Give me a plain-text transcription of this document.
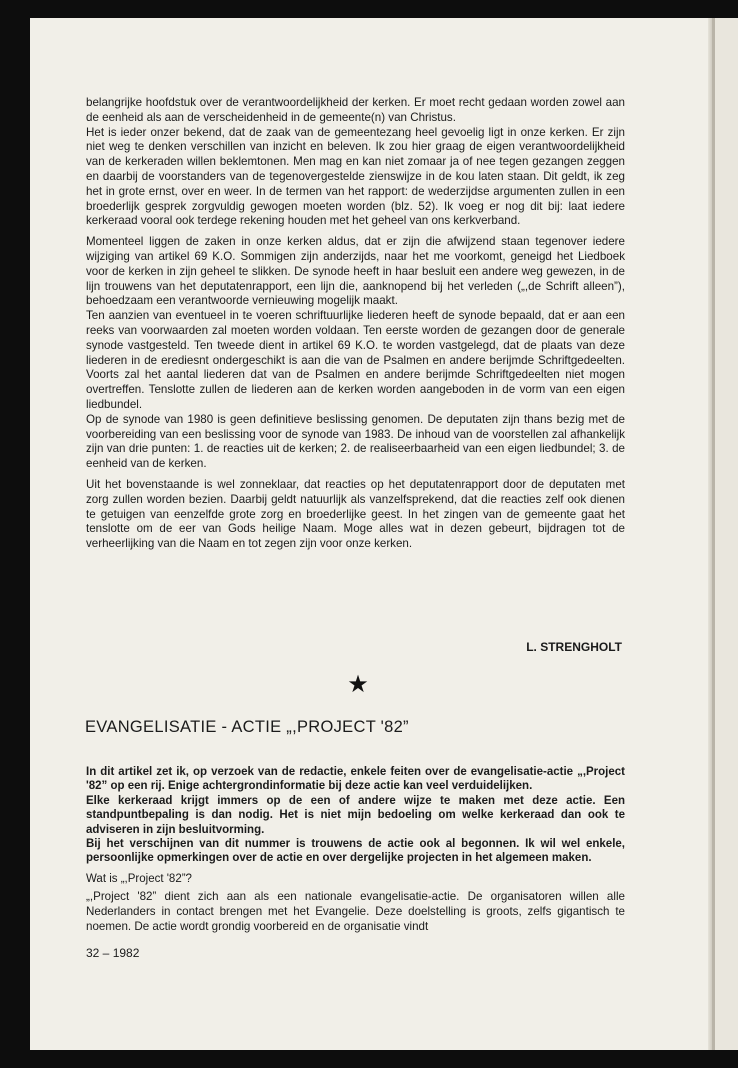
belangrijke hoofdstuk over de verantwoordelijkheid der kerken. Er moet recht gedaan worden zowel aan de eenheid als aan de verscheidenheid in de gemeente(n) van Christus.

Het is ieder onzer bekend, dat de zaak van de gemeentezang heel gevoelig ligt in onze kerken. Er zijn niet weg te denken verschillen van inzicht en beleven. Ik zou hier graag de eigen verantwoordelijkheid van de kerkeraden willen beklemtonen. Men mag en kan niet zomaar ja of nee tegen gezangen zeggen en daarbij de voorstanders van de tegenovergestelde zienswijze in de kou laten staan. Dit geldt, ik zeg het in grote ernst, over en weer. In de termen van het rapport: de wederzijdse argumenten zullen in een broederlijk gesprek zorgvuldig gewogen moeten worden (blz. 52). Ik voeg er nog dit bij: laat iedere kerkeraad vooral ook terdege rekening houden met het geheel van ons kerkverband.

Momenteel liggen de zaken in onze kerken aldus, dat er zijn die afwijzend staan tegenover iedere wijziging van artikel 69 K.O. Sommigen zijn anderzijds, naar het me voorkomt, geneigd het Liedboek voor de kerken in zijn geheel te slikken. De synode heeft in haar besluit een andere weg gewezen, in de lijn trouwens van het deputatenrapport, een lijn die, aanknopend bij het verleden („,de Schrift alleen”), behoedzaam een verantwoorde vernieuwing mogelijk maakt.

Ten aanzien van eventueel in te voeren schriftuurlijke liederen heeft de synode bepaald, dat er aan een reeks van voorwaarden zal moeten worden voldaan. Ten eerste worden de gezangen door de generale synode vastgesteld. Ten tweede dient in artikel 69 K.O. te worden vastgelegd, dat de plaats van deze liederen in de erediesnt ondergeschikt is aan die van de Psalmen en andere berijmde Schriftgedeelten. Voorts zal het aantal liederen dat van de Psalmen en andere berijmde Schriftgedeelten niet mogen overtreffen. Tenslotte zullen de liederen aan de kerken worden aangeboden in de vorm van een eigen liedbundel.

Op de synode van 1980 is geen definitieve beslissing genomen. De deputaten zijn thans bezig met de voorbereiding van een beslissing voor de synode van 1983. De inhoud van de voorstellen zal afhankelijk zijn van drie punten: 1. de reacties uit de kerken; 2. de realiseerbaarheid van een eigen liedbundel; 3. de eenheid van de kerken.

Uit het bovenstaande is wel zonneklaar, dat reacties op het deputatenrapport door de deputaten met zorg zullen worden bezien. Daarbij geldt natuurlijk als vanzelfsprekend, dat die reacties zelf ook dienen te getuigen van eenzelfde grote zorg en broederlijke geest. In het zingen van de gemeente gaat het tenslotte om de eer van Gods heilige Naam. Moge alles wat in dezen gebeurt, bijdragen tot de verheerlijking van die Naam en tot zegen zijn voor onze kerken.

L. STRENGHOLT
★
EVANGELISATIE - ACTIE „,PROJECT '82”

In dit artikel zet ik, op verzoek van de redactie, enkele feiten over de evangelisatie-actie „,Project '82” op een rij. Enige achtergrondinformatie bij deze actie kan veel verduidelijken.

Elke kerkeraad krijgt immers op de een of andere wijze te maken met deze actie. Een standpuntbepaling is dan nodig. Het is niet mijn bedoeling om welke kerkeraad dan ook te adviseren in zijn besluitvorming.

Bij het verschijnen van dit nummer is trouwens de actie ook al begonnen. Ik wil wel enkele, persoonlijke opmerkingen over de actie en over dergelijke projecten in het algemeen maken.

Wat is „,Project '82”?

„,Project '82” dient zich aan als een nationale evangelisatie-actie. De organisatoren willen alle Nederlanders in contact brengen met het Evangelie. Deze doelstelling is groots, zelfs gigantisch te noemen. De actie wordt grondig voorbereid en de organisatie vindt

32 – 1982
